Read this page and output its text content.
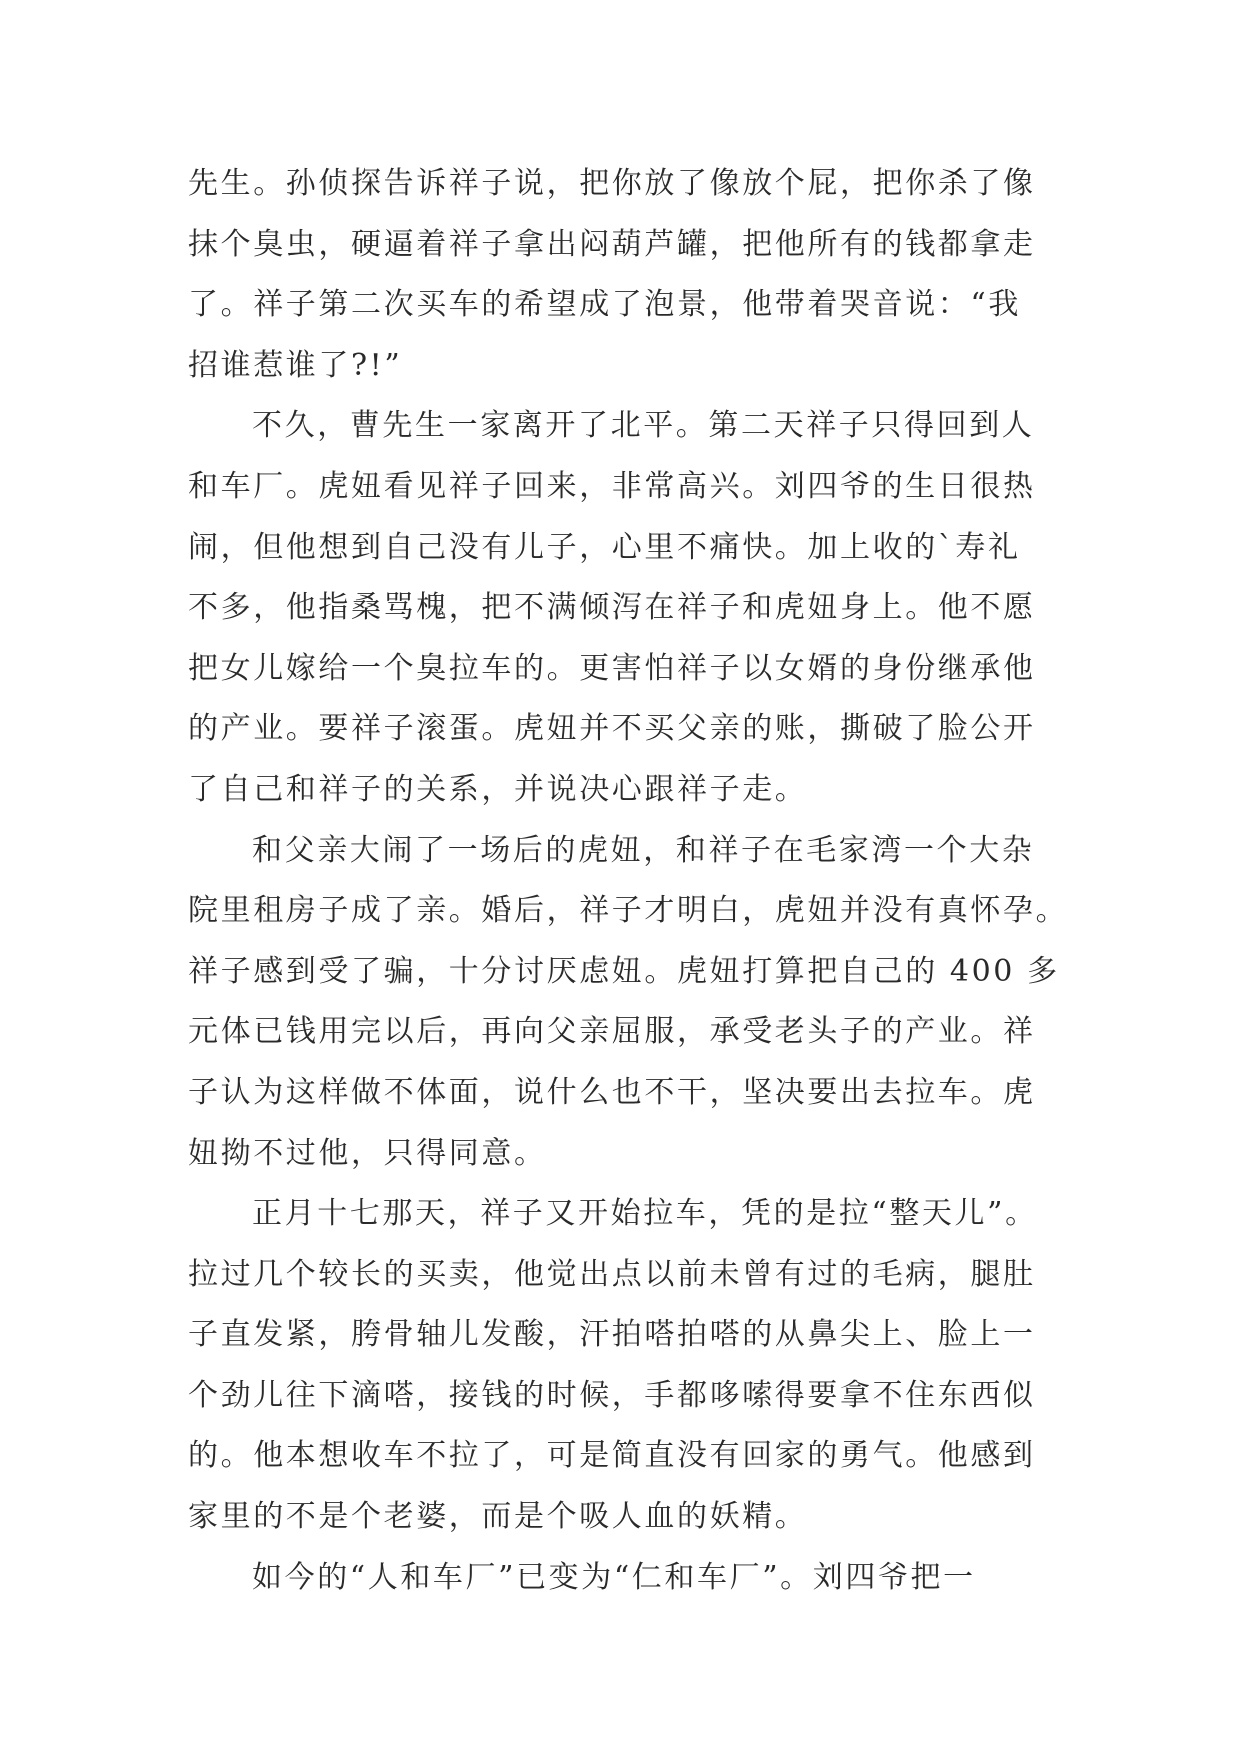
先生。孙侦探告诉祥子说，把你放了像放个屁，把你杀了像
抹个臭虫，硬逼着祥子拿出闷葫芦罐，把他所有的钱都拿走
了。祥子第二次买车的希望成了泡景，他带着哭音说：“我
招谁惹谁了?!”
不久，曹先生一家离开了北平。第二天祥子只得回到人
和车厂。虎妞看见祥子回来，非常高兴。刘四爷的生日很热
闹，但他想到自己没有儿子，心里不痛快。加上收的`寿礼
不多，他指桑骂槐，把不满倾泻在祥子和虎妞身上。他不愿
把女儿嫁给一个臭拉车的。更害怕祥子以女婿的身份继承他
的产业。要祥子滚蛋。虎妞并不买父亲的账，撕破了脸公开
了自己和祥子的关系，并说决心跟祥子走。
和父亲大闹了一场后的虎妞，和祥子在毛家湾一个大杂
院里租房子成了亲。婚后，祥子才明白，虎妞并没有真怀孕。
祥子感到受了骗，十分讨厌虑妞。虎妞打算把自己的 400 多
元体已钱用完以后，再向父亲屈服，承受老头子的产业。祥
子认为这样做不体面，说什么也不干，坚决要出去拉车。虎
妞拗不过他，只得同意。
正月十七那天，祥子又开始拉车，凭的是拉“整天儿”。
拉过几个较长的买卖，他觉出点以前未曾有过的毛病，腿肚
子直发紧，胯骨轴儿发酸，汗拍嗒拍嗒的从鼻尖上、脸上一
个劲儿往下滴嗒，接钱的时候，手都哆嗦得要拿不住东西似
的。他本想收车不拉了，可是简直没有回家的勇气。他感到
家里的不是个老婆，而是个吸人血的妖精。
如今的“人和车厂”已变为“仁和车厂”。刘四爷把一
